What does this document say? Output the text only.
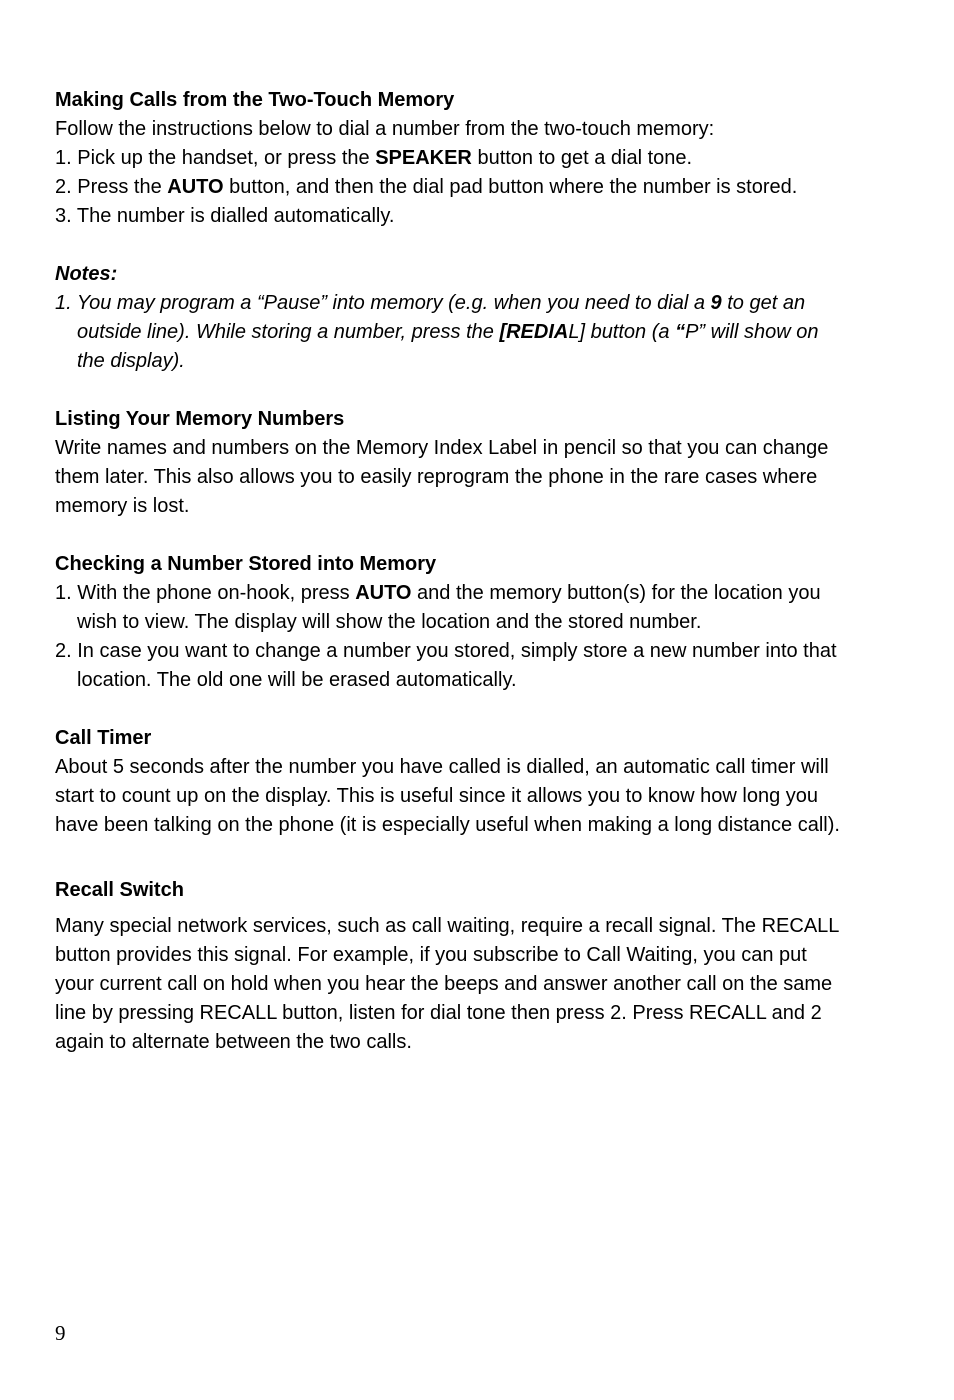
Making Calls from the Two-Touch Memory
Follow the instructions below to dial a number from the two-touch memory:
1. Pick up the handset, or press the SPEAKER button to get a dial tone.
2. Press the AUTO button, and then the dial pad button where the number is stored.
3. The number is dialled automatically.
Notes:
1. You may program a “Pause” into memory (e.g. when you need to dial a 9 to get an
outside line). While storing a number, press the [REDIAL] button (a “P” will show on
the display).
Listing Your Memory Numbers
Write names and numbers on the Memory Index Label in pencil so that you can change
them later. This also allows you to easily reprogram the phone in the rare cases where
memory is lost.
Checking a Number Stored into Memory
1. With the phone on-hook, press AUTO and the memory button(s) for the location you
wish to view. The display will show the location and the stored number.
2. In case you want to change a number you stored, simply store a new number into that
location. The old one will be erased automatically.
Call Timer
About 5 seconds after the number you have called is dialled, an automatic call timer will
start to count up on the display. This is useful since it allows you to know how long you
have been talking on the phone (it is especially useful when making a long distance call).
Recall Switch
Many special network services, such as call waiting, require a recall signal. The RECALL
button provides this signal. For example, if you subscribe to Call Waiting, you can put
your current call on hold when you hear the beeps and answer another call on the same
line by pressing RECALL button, listen for dial tone then press 2. Press RECALL and 2
again to alternate between the two calls.
9
